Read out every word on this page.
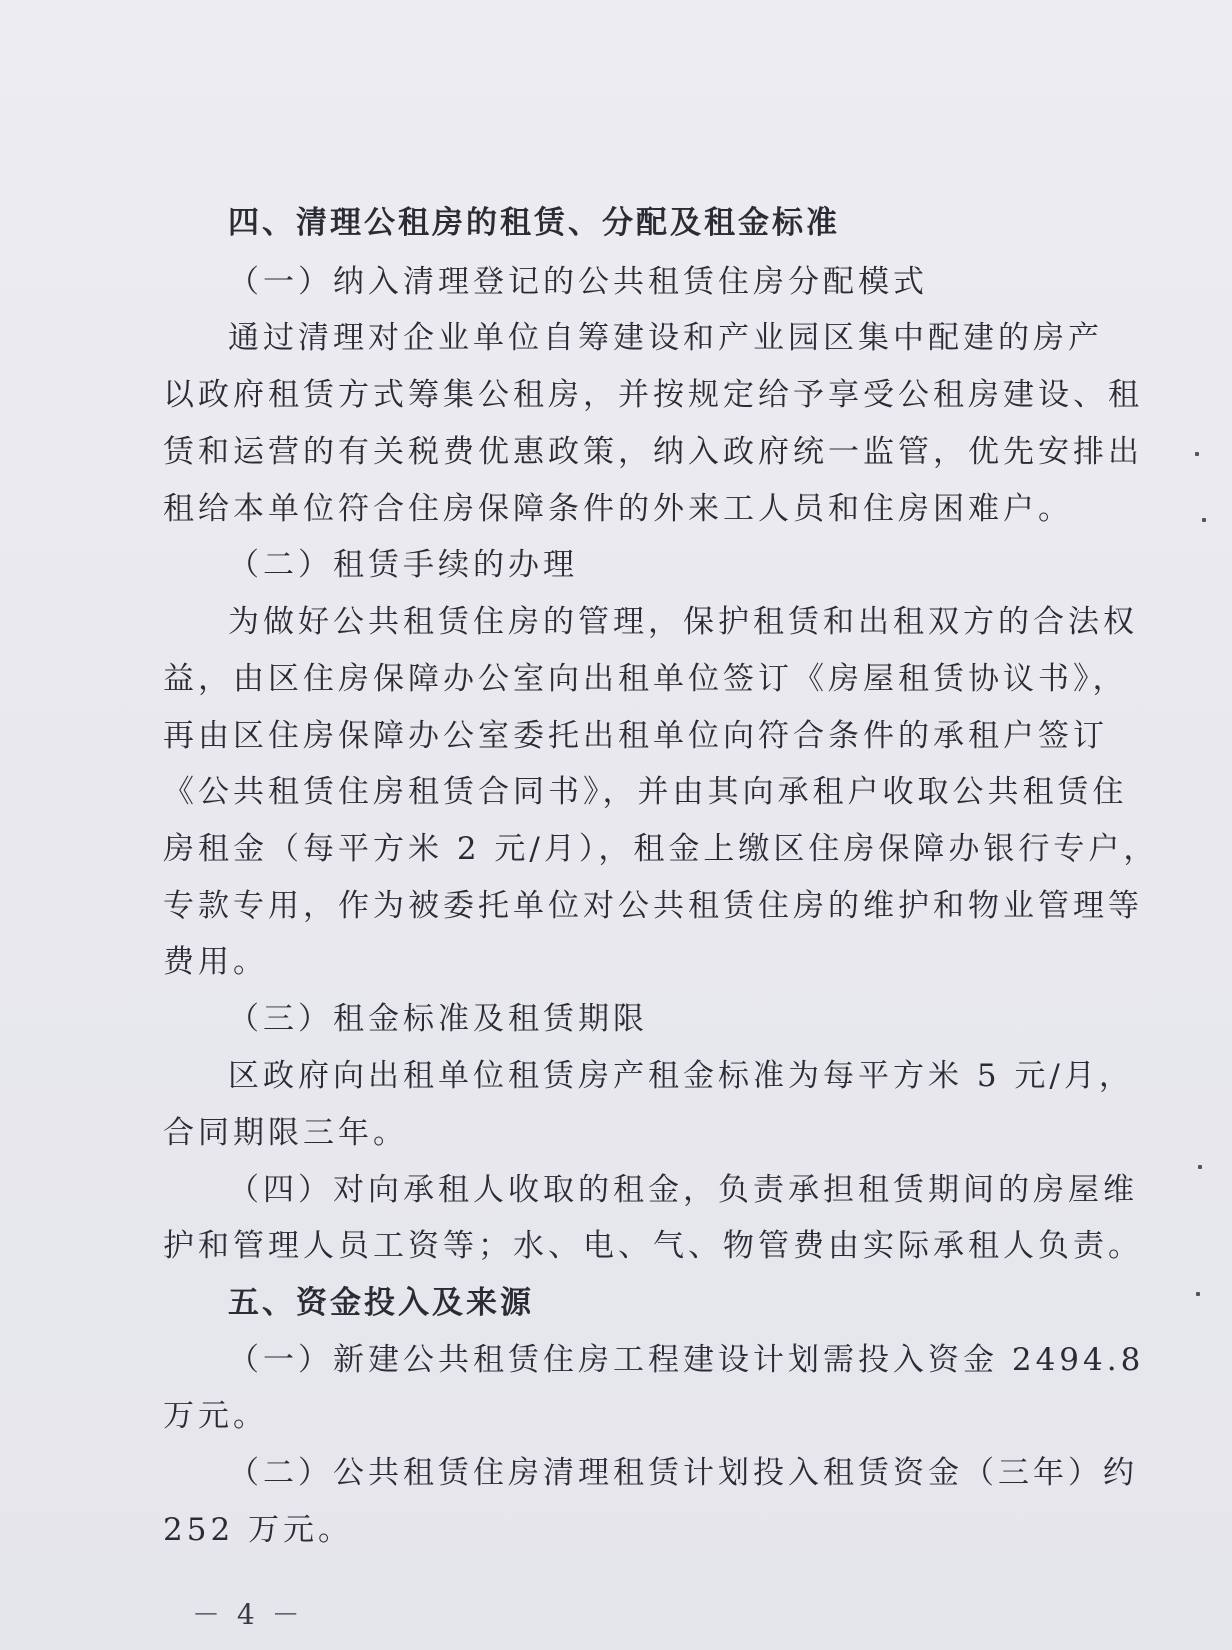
四、清理公租房的租赁、分配及租金标准
（一）纳入清理登记的公共租赁住房分配模式
通过清理对企业单位自筹建设和产业园区集中配建的房产
以政府租赁方式筹集公租房，并按规定给予享受公租房建设、租
赁和运营的有关税费优惠政策，纳入政府统一监管，优先安排出
租给本单位符合住房保障条件的外来工人员和住房困难户。
（二）租赁手续的办理
为做好公共租赁住房的管理，保护租赁和出租双方的合法权
益，由区住房保障办公室向出租单位签订《房屋租赁协议书》，
再由区住房保障办公室委托出租单位向符合条件的承租户签订
《公共租赁住房租赁合同书》，并由其向承租户收取公共租赁住
房租金（每平方米 2 元/月），租金上缴区住房保障办银行专户，
专款专用，作为被委托单位对公共租赁住房的维护和物业管理等
费用。
（三）租金标准及租赁期限
区政府向出租单位租赁房产租金标准为每平方米 5 元/月，
合同期限三年。
（四）对向承租人收取的租金，负责承担租赁期间的房屋维
护和管理人员工资等；水、电、气、物管费由实际承租人负责。
五、资金投入及来源
（一）新建公共租赁住房工程建设计划需投入资金 2494.8
万元。
（二）公共租赁住房清理租赁计划投入租赁资金（三年）约
252 万元。
－ 4 －
